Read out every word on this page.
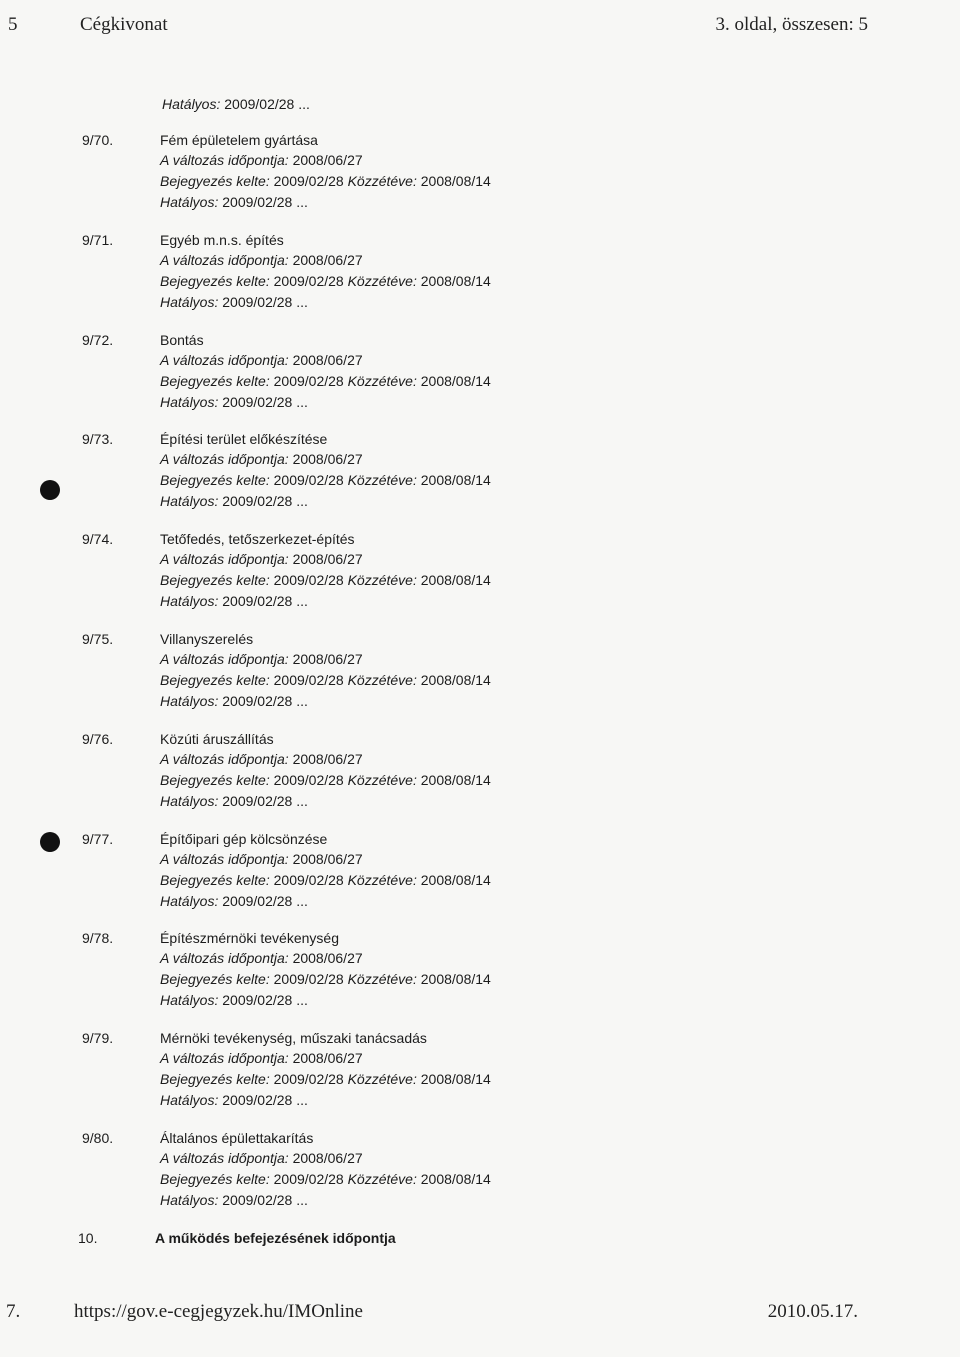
5	Cégkivonat	3. oldal, összesen: 5
Hatályos: 2009/02/28 ...
9/70.	Fém épületelem gyártása
A változás időpontja: 2008/06/27
Bejegyezés kelte: 2009/02/28 Közzétéve: 2008/08/14
Hatályos: 2009/02/28 ...
9/71.	Egyéb m.n.s. építés
A változás időpontja: 2008/06/27
Bejegyezés kelte: 2009/02/28 Közzétéve: 2008/08/14
Hatályos: 2009/02/28 ...
9/72.	Bontás
A változás időpontja: 2008/06/27
Bejegyezés kelte: 2009/02/28 Közzétéve: 2008/08/14
Hatályos: 2009/02/28 ...
9/73.	Építési terület előkészítése
A változás időpontja: 2008/06/27
Bejegyezés kelte: 2009/02/28 Közzétéve: 2008/08/14
Hatályos: 2009/02/28 ...
9/74.	Tetőfedés, tetőszerkezet-építés
A változás időpontja: 2008/06/27
Bejegyezés kelte: 2009/02/28 Közzétéve: 2008/08/14
Hatályos: 2009/02/28 ...
9/75.	Villanyszerelés
A változás időpontja: 2008/06/27
Bejegyezés kelte: 2009/02/28 Közzétéve: 2008/08/14
Hatályos: 2009/02/28 ...
9/76.	Közúti áruszállítás
A változás időpontja: 2008/06/27
Bejegyezés kelte: 2009/02/28 Közzétéve: 2008/08/14
Hatályos: 2009/02/28 ...
9/77.	Építőipari gép kölcsönzése
A változás időpontja: 2008/06/27
Bejegyezés kelte: 2009/02/28 Közzétéve: 2008/08/14
Hatályos: 2009/02/28 ...
9/78.	Építészmérnöki tevékenység
A változás időpontja: 2008/06/27
Bejegyezés kelte: 2009/02/28 Közzétéve: 2008/08/14
Hatályos: 2009/02/28 ...
9/79.	Mérnöki tevékenység, műszaki tanácsadás
A változás időpontja: 2008/06/27
Bejegyezés kelte: 2009/02/28 Közzétéve: 2008/08/14
Hatályos: 2009/02/28 ...
9/80.	Általános épülettakarítás
A változás időpontja: 2008/06/27
Bejegyezés kelte: 2009/02/28 Közzétéve: 2008/08/14
Hatályos: 2009/02/28 ...
10.	A működés befejezésének időpontja
7.	https://gov.e-cegjegyzek.hu/IMOnline	2010.05.17.
